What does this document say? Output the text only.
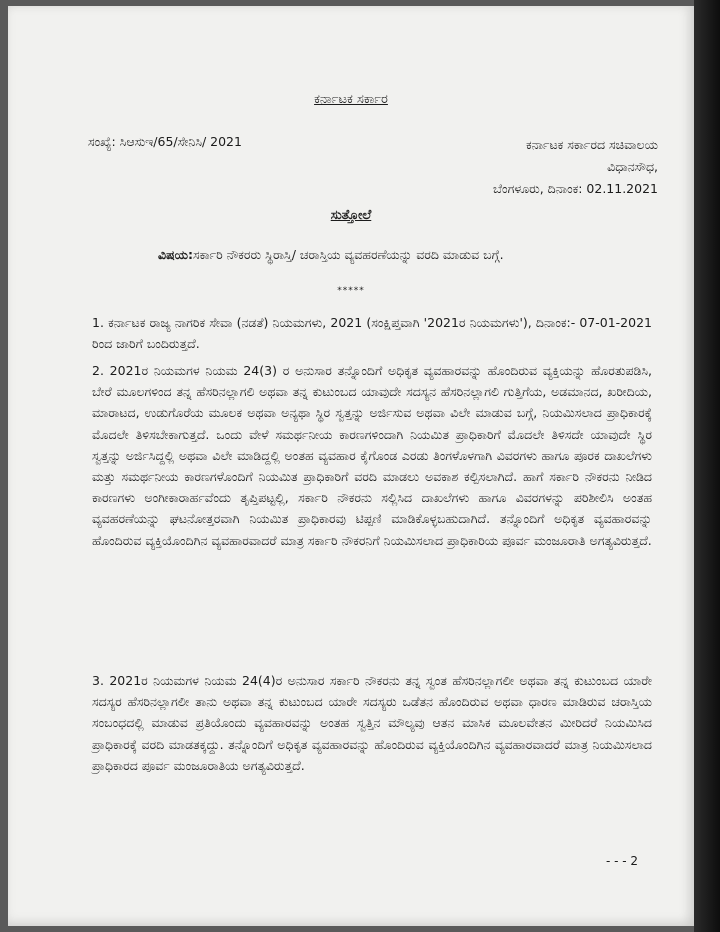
ಕರ್ನಾಟಕ ಸರ್ಕಾರ
ಸಂಖ್ಯೆ: ಸಿಆಸುಇ/65/ಸೇನಿಸಿ/ 2021	ಕರ್ನಾಟಕ ಸರ್ಕಾರದ ಸಚಿವಾಲಯ
ವಿಧಾನಸೌಧ,
ಬೆಂಗಳೂರು, ದಿನಾಂಕ: 02.11.2021
ಸುತ್ತೋಲೆ
ವಿಷಯ:ಸರ್ಕಾರಿ ನೌಕರರು ಸ್ಥಿರಾಸ್ತಿ/ ಚರಾಸ್ತಿಯ ವ್ಯವಹರಣೆಯನ್ನು ವರದಿ ಮಾಡುವ ಬಗ್ಗೆ.
*****
1. ಕರ್ನಾಟಕ ರಾಜ್ಯ ನಾಗರಿಕ ಸೇವಾ (ನಡತೆ) ನಿಯಮಗಳು, 2021 (ಸಂಕ್ಷಿಪ್ತವಾಗಿ '2021ರ ನಿಯಮಗಳು'), ದಿನಾಂಕ:- 07-01-2021 ರಿಂದ ಜಾರಿಗೆ ಬಂದಿರುತ್ತದೆ.
2. 2021ರ ನಿಯಮಗಳ ನಿಯಮ 24(3) ರ ಅನುಸಾರ ತನ್ನೊಂದಿಗೆ ಅಧಿಕೃತ ವ್ಯವಹಾರವನ್ನು ಹೊಂದಿರುವ ವ್ಯಕ್ತಿಯನ್ನು ಹೊರತುಪಡಿಸಿ, ಬೇರೆ ಮೂಲಗಳಿಂದ ತನ್ನ ಹೆಸರಿನಲ್ಲಾಗಲಿ ಅಥವಾ ತನ್ನ ಕುಟುಂಬದ ಯಾವುದೇ ಸದಸ್ಯನ ಹೆಸರಿನಲ್ಲಾಗಲಿ ಗುತ್ತಿಗೆಯ, ಅಡಮಾನದ, ಖರೀದಿಯ, ಮಾರಾಟದ, ಉಡುಗೊರೆಯ ಮೂಲಕ ಅಥವಾ ಅನ್ಯಥಾ ಸ್ಥಿರ ಸ್ವತ್ತನ್ನು ಅರ್ಜಿಸುವ ಅಥವಾ ವಿಲೇ ಮಾಡುವ ಬಗ್ಗೆ, ನಿಯಮಿಸಲಾದ ಪ್ರಾಧಿಕಾರಕ್ಕೆ ಮೊದಲೇ ತಿಳಿಸಬೇಕಾಗುತ್ತದೆ. ಒಂದು ವೇಳೆ ಸಮರ್ಥನೀಯ ಕಾರಣಗಳಿಂದಾಗಿ ನಿಯಮಿತ ಪ್ರಾಧಿಕಾರಿಗೆ ಮೊದಲೇ ತಿಳಿಸದೇ ಯಾವುದೇ ಸ್ಥಿರ ಸ್ವತ್ತನ್ನು ಅರ್ಜಿಸಿದ್ದಲ್ಲಿ ಅಥವಾ ವಿಲೇ ಮಾಡಿದ್ದಲ್ಲಿ ಅಂತಹ ವ್ಯವಹಾರ ಕೈಗೊಂಡ ಎರಡು ತಿಂಗಳೊಳಗಾಗಿ ವಿವರಗಳು ಹಾಗೂ ಪೂರಕ ದಾಖಲೆಗಳು ಮತ್ತು ಸಮರ್ಥನೀಯ ಕಾರಣಗಳೊಂದಿಗೆ ನಿಯಮಿತ ಪ್ರಾಧಿಕಾರಿಗೆ ವರದಿ ಮಾಡಲು ಅವಕಾಶ ಕಲ್ಪಿಸಲಾಗಿದೆ. ಹಾಗೆ ಸರ್ಕಾರಿ ನೌಕರನು ನೀಡಿದ ಕಾರಣಗಳು ಅಂಗೀಕಾರಾರ್ಹವೆಂದು ತೃಪ್ತಿಪಟ್ಟಲ್ಲಿ, ಸರ್ಕಾರಿ ನೌಕರನು ಸಲ್ಲಿಸಿದ ದಾಖಲೆಗಳು ಹಾಗೂ ವಿವರಗಳನ್ನು ಪರಿಶೀಲಿಸಿ ಅಂತಹ ವ್ಯವಹರಣೆಯನ್ನು ಘಟನೋತ್ತರವಾಗಿ ನಿಯಮಿತ ಪ್ರಾಧಿಕಾರವು ಟಿಪ್ಪಣಿ ಮಾಡಿಕೊಳ್ಳಬಹುದಾಗಿದೆ. ತನ್ನೊಂದಿಗೆ ಅಧಿಕೃತ ವ್ಯವಹಾರವನ್ನು ಹೊಂದಿರುವ ವ್ಯಕ್ತಿಯೊಂದಿಗಿನ ವ್ಯವಹಾರವಾದರೆ ಮಾತ್ರ ಸರ್ಕಾರಿ ನೌಕರನಿಗೆ ನಿಯಮಿಸಲಾದ ಪ್ರಾಧಿಕಾರಿಯ ಪೂರ್ವ ಮಂಜೂರಾತಿ ಅಗತ್ಯವಿರುತ್ತದೆ.
3. 2021ರ ನಿಯಮಗಳ ನಿಯಮ 24(4)ರ ಅನುಸಾರ ಸರ್ಕಾರಿ ನೌಕರನು ತನ್ನ ಸ್ವಂತ ಹೆಸರಿನಲ್ಲಾಗಲೀ ಅಥವಾ ತನ್ನ ಕುಟುಂಬದ ಯಾರೇ ಸದಸ್ಯರ ಹೆಸರಿನಲ್ಲಾಗಲೀ ತಾನು ಅಥವಾ ತನ್ನ ಕುಟುಂಬದ ಯಾರೇ ಸದಸ್ಯರು ಒಡೆತನ ಹೊಂದಿರುವ ಅಥವಾ ಧಾರಣ ಮಾಡಿರುವ ಚರಾಸ್ತಿಯ ಸಂಬಂಧದಲ್ಲಿ ಮಾಡುವ ಪ್ರತಿಯೊಂದು ವ್ಯವಹಾರವನ್ನು ಅಂತಹ ಸ್ವತ್ತಿನ ಮೌಲ್ಯವು ಆತನ ಮಾಸಿಕ ಮೂಲವೇತನ ಮೀರಿದರೆ ನಿಯಮಿಸಿದ ಪ್ರಾಧಿಕಾರಕ್ಕೆ ವರದಿ ಮಾಡತಕ್ಕದ್ದು. ತನ್ನೊಂದಿಗೆ ಅಧಿಕೃತ ವ್ಯವಹಾರವನ್ನು ಹೊಂದಿರುವ ವ್ಯಕ್ತಿಯೊಂದಿಗಿನ ವ್ಯವಹಾರವಾದರೆ ಮಾತ್ರ ನಿಯಮಿಸಲಾದ ಪ್ರಾಧಿಕಾರದ ಪೂರ್ವ ಮಂಜೂರಾತಿಯ ಅಗತ್ಯವಿರುತ್ತದೆ.
- - - 2
